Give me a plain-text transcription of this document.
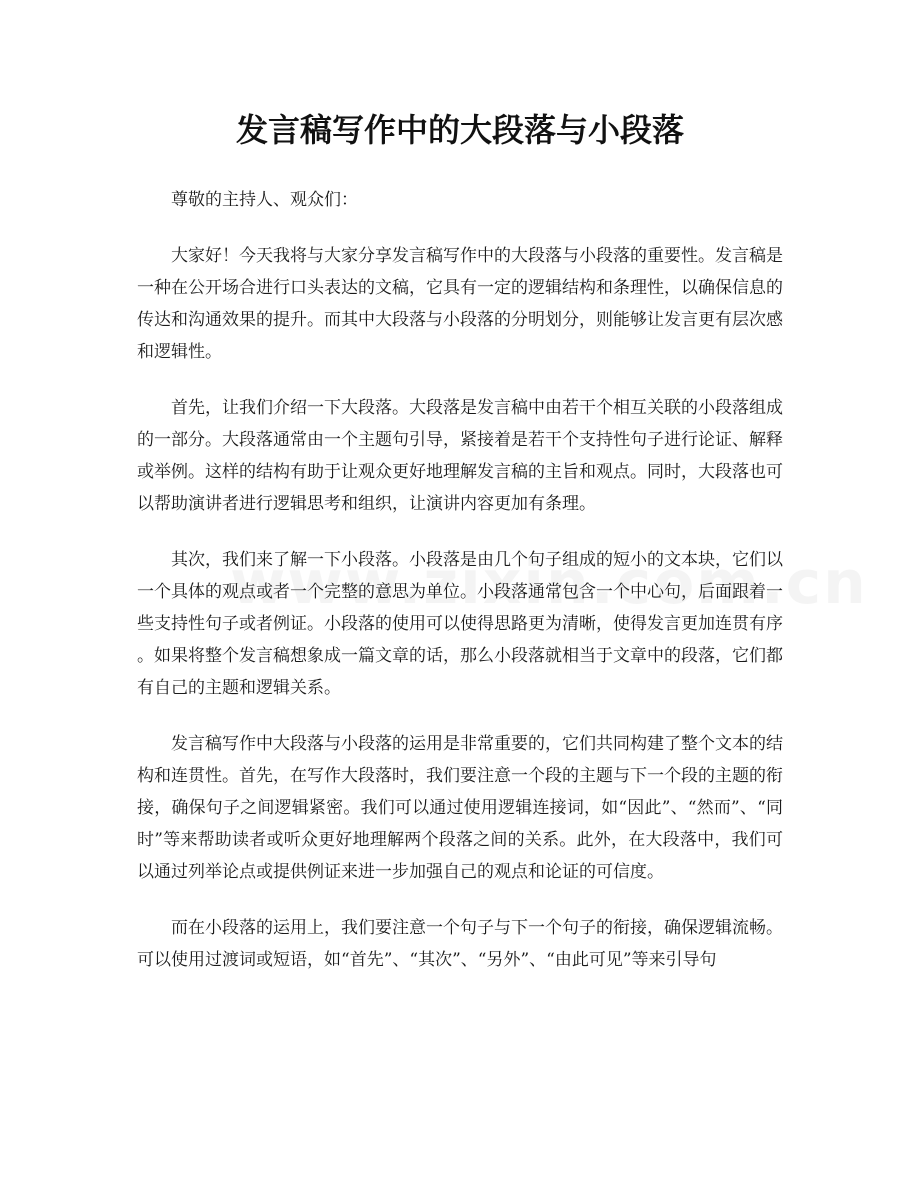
发言稿写作中的大段落与小段落

尊敬的主持人、观众们：

大家好！今天我将与大家分享发言稿写作中的大段落与小段落的重要性。发言稿是一种在公开场合进行口头表达的文稿，它具有一定的逻辑结构和条理性，以确保信息的传达和沟通效果的提升。而其中大段落与小段落的分明划分，则能够让发言更有层次感和逻辑性。

首先，让我们介绍一下大段落。大段落是发言稿中由若干个相互关联的小段落组成的一部分。大段落通常由一个主题句引导，紧接着是若干个支持性句子进行论证、解释或举例。这样的结构有助于让观众更好地理解发言稿的主旨和观点。同时，大段落也可以帮助演讲者进行逻辑思考和组织，让演讲内容更加有条理。

其次，我们来了解一下小段落。小段落是由几个句子组成的短小的文本块，它们以一个具体的观点或者一个完整的意思为单位。小段落通常包含一个中心句，后面跟着一些支持性句子或者例证。小段落的使用可以使得思路更为清晰，使得发言更加连贯有序。如果将整个发言稿想象成一篇文章的话，那么小段落就相当于文章中的段落，它们都有自己的主题和逻辑关系。

发言稿写作中大段落与小段落的运用是非常重要的，它们共同构建了整个文本的结构和连贯性。首先，在写作大段落时，我们要注意一个段的主题与下一个段的主题的衔接，确保句子之间逻辑紧密。我们可以通过使用逻辑连接词，如“因此”、“然而”、“同时”等来帮助读者或听众更好地理解两个段落之间的关系。此外，在大段落中，我们可以通过列举论点或提供例证来进一步加强自己的观点和论证的可信度。

而在小段落的运用上，我们要注意一个句子与下一个句子的衔接，确保逻辑流畅。可以使用过渡词或短语，如“首先”、“其次”、“另外”、“由此可见”等来引导句
